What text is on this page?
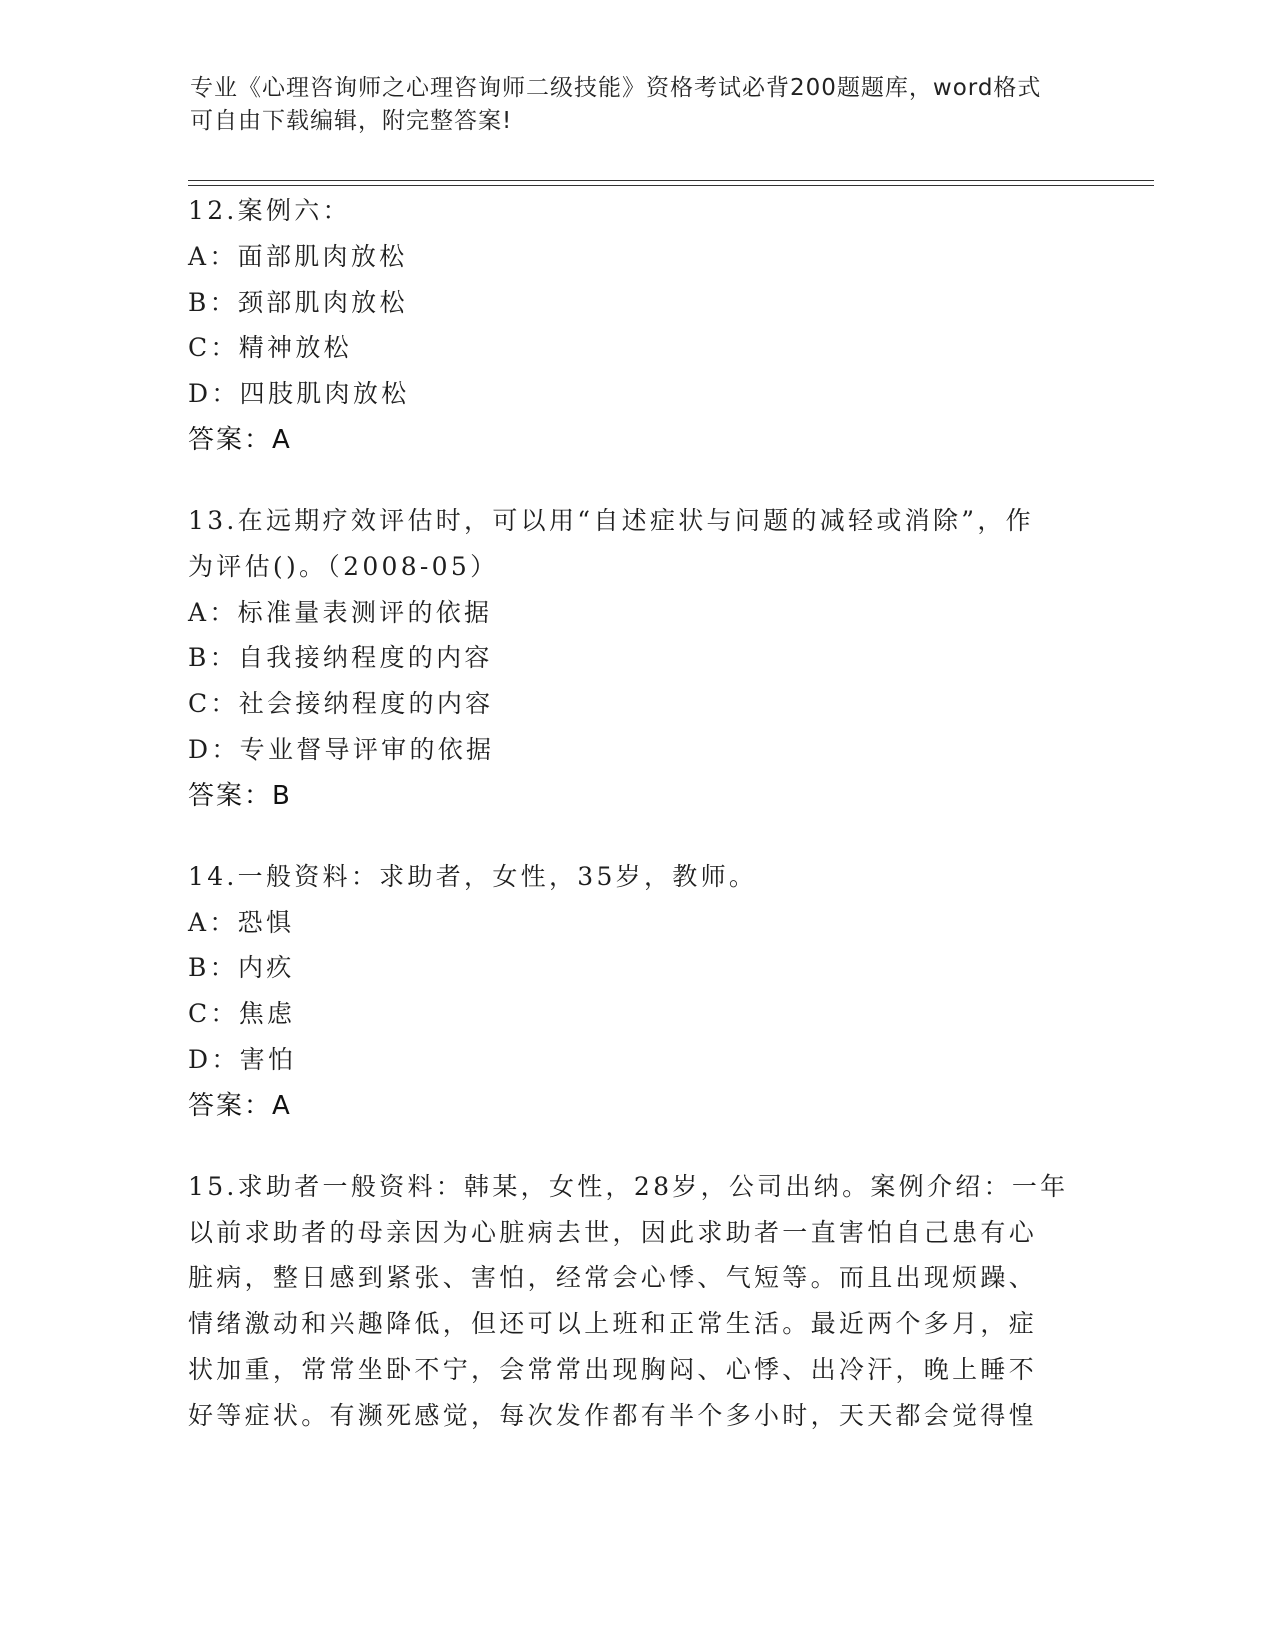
专业《心理咨询师之心理咨询师二级技能》资格考试必背200题题库，word格式
可自由下载编辑，附完整答案!
12.案例六：
A：面部肌肉放松
B：颈部肌肉放松
C：精神放松
D：四肢肌肉放松
答案：A
13.在远期疗效评估时，可以用“自述症状与问题的减轻或消除”，作
为评估()。（2008-05）
A：标准量表测评的依据
B：自我接纳程度的内容
C：社会接纳程度的内容
D：专业督导评审的依据
答案：B
14.一般资料：求助者，女性，35岁，教师。
A：恐惧
B：内疚
C：焦虑
D：害怕
答案：A
15.求助者一般资料：韩某，女性，28岁，公司出纳。案例介绍：一年
以前求助者的母亲因为心脏病去世，因此求助者一直害怕自己患有心
脏病，整日感到紧张、害怕，经常会心悸、气短等。而且出现烦躁、
情绪激动和兴趣降低，但还可以上班和正常生活。最近两个多月，症
状加重，常常坐卧不宁，会常常出现胸闷、心悸、出冷汗，晚上睡不
好等症状。有濒死感觉，每次发作都有半个多小时，天天都会觉得惶
